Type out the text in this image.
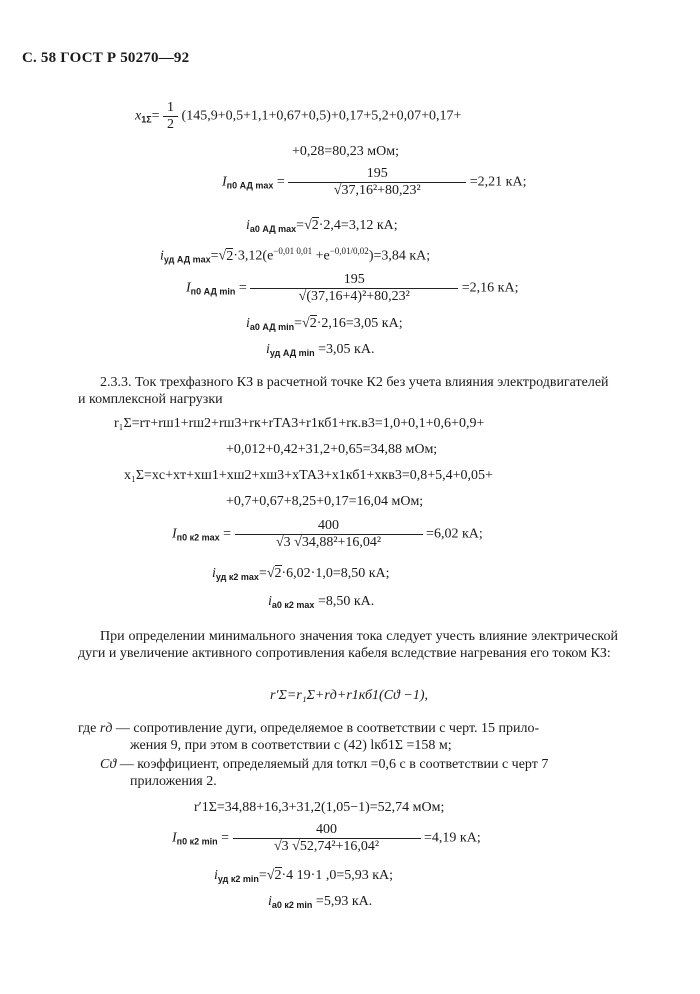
С. 58 ГОСТ Р 50270—92
$x_{1\Sigma}= \frac{1}{2} (145,9+0,5+1,1+0,67+0,5)+0,17+5,2+0,07+0,17+$
+0,28=80,23 мОм;
$I_{п0 АД max} = \frac{195}{\text{√37,16²+80,23²}} =2,21$ кА;
$i_{а0 АД max}=√2\cdot 2,4=3,12$ кА;
$i_{уд АД max}=√2\cdot 3,12(e^{-0,01 0,01} +e^{-0,01/0,02})=3,84$ кА;
$I_{п0 АД min} = \frac{195}{\text{√(37,16+4)²+80,23²}} =2,16$ кА;
$i_{а0 АД min}=√2\cdot 2,16=3,05$ кА;
$i_{уд АД min} =3,05$ кА.
2.3.3. Ток трехфазного КЗ в расчетной точке К2 без учета влияния электродвигателей и комплексной нагрузки
r₁Σ=rт+rш1+rш2+rш3+rк+rТА3+r1кб1+rк.в3=1,0+0,1+0,6+0,9+
+0,012+0,42+31,2+0,65=34,88 мОм;
x₁Σ=xс+xт+xш1+xш2+xш3+xТА3+x1кб1+xкв3=0,8+5,4+0,05+
+0,7+0,67+8,25+0,17=16,04 мОм;
$I_{п0 к2 max} = \frac{400}{\text{√3 √34,88²+16,04²}} =6,02$ кА;
$i_{уд к2 max}=√2\cdot 6,02\cdot 1,0=8,50$ кА;
$i_{а0 к2 max} =8,50$ кА.
При определении минимального значения тока следует учесть влияние электрической дуги и увеличение активного сопротивления кабеля вследствие нагревания его током КЗ:
r′Σ=r₁Σ+rд+r1кб1(Cϑ −1),
где rд — сопротивление дуги, определяемое в соответствии с черт. 15 прило-
жения 9, при этом в соответствии с (42) lкб1Σ =158 м;
Cϑ — коэффициент, определяемый для tоткл =0,6 с в соответствии с черт 7
приложения 2.
r′1Σ=34,88+16,3+31,2(1,05−1)=52,74 мОм;
$I_{п0 к2 min} = \frac{400}{\text{√3 √52,74²+16,04²}} =4,19$ кА;
$i_{уд к2 min}=√2\cdot 4$ 19·1 ,0=5,93 кА;
$i_{а0 к2 min} =5,93$ кА.
